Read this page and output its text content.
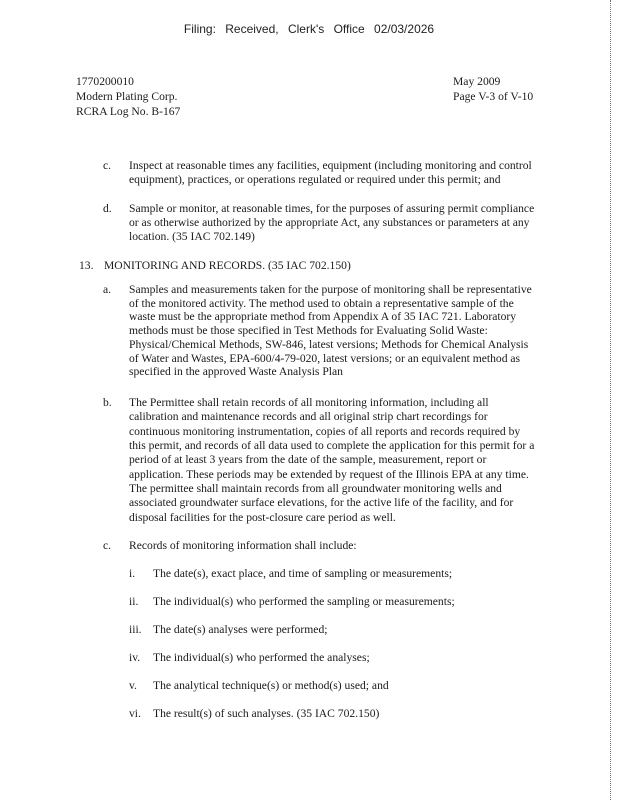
Filing: Received, Clerk's Office 02/03/2026
1770200010
Modern Plating Corp.
RCRA Log No. B-167
May 2009
Page V-3 of V-10
c. Inspect at reasonable times any facilities, equipment (including monitoring and control
equipment), practices, or operations regulated or required under this permit; and
d. Sample or monitor, at reasonable times, for the purposes of assuring permit compliance
or as otherwise authorized by the appropriate Act, any substances or parameters at any
location. (35 IAC 702.149)
13. MONITORING AND RECORDS. (35 IAC 702.150)
a. Samples and measurements taken for the purpose of monitoring shall be representative
of the monitored activity. The method used to obtain a representative sample of the
waste must be the appropriate method from Appendix A of 35 IAC 721. Laboratory
methods must be those specified in Test Methods for Evaluating Solid Waste:
Physical/Chemical Methods, SW-846, latest versions; Methods for Chemical Analysis
of Water and Wastes, EPA-600/4-79-020, latest versions; or an equivalent method as
specified in the approved Waste Analysis Plan
b. The Permittee shall retain records of all monitoring information, including all
calibration and maintenance records and all original strip chart recordings for
continuous monitoring instrumentation, copies of all reports and records required by
this permit, and records of all data used to complete the application for this permit for a
period of at least 3 years from the date of the sample, measurement, report or
application. These periods may be extended by request of the Illinois EPA at any time.
The permittee shall maintain records from all groundwater monitoring wells and
associated groundwater surface elevations, for the active life of the facility, and for
disposal facilities for the post-closure care period as well.
c. Records of monitoring information shall include:
i. The date(s), exact place, and time of sampling or measurements;
ii. The individual(s) who performed the sampling or measurements;
iii. The date(s) analyses were performed;
iv. The individual(s) who performed the analyses;
v. The analytical technique(s) or method(s) used; and
vi. The result(s) of such analyses. (35 IAC 702.150)
